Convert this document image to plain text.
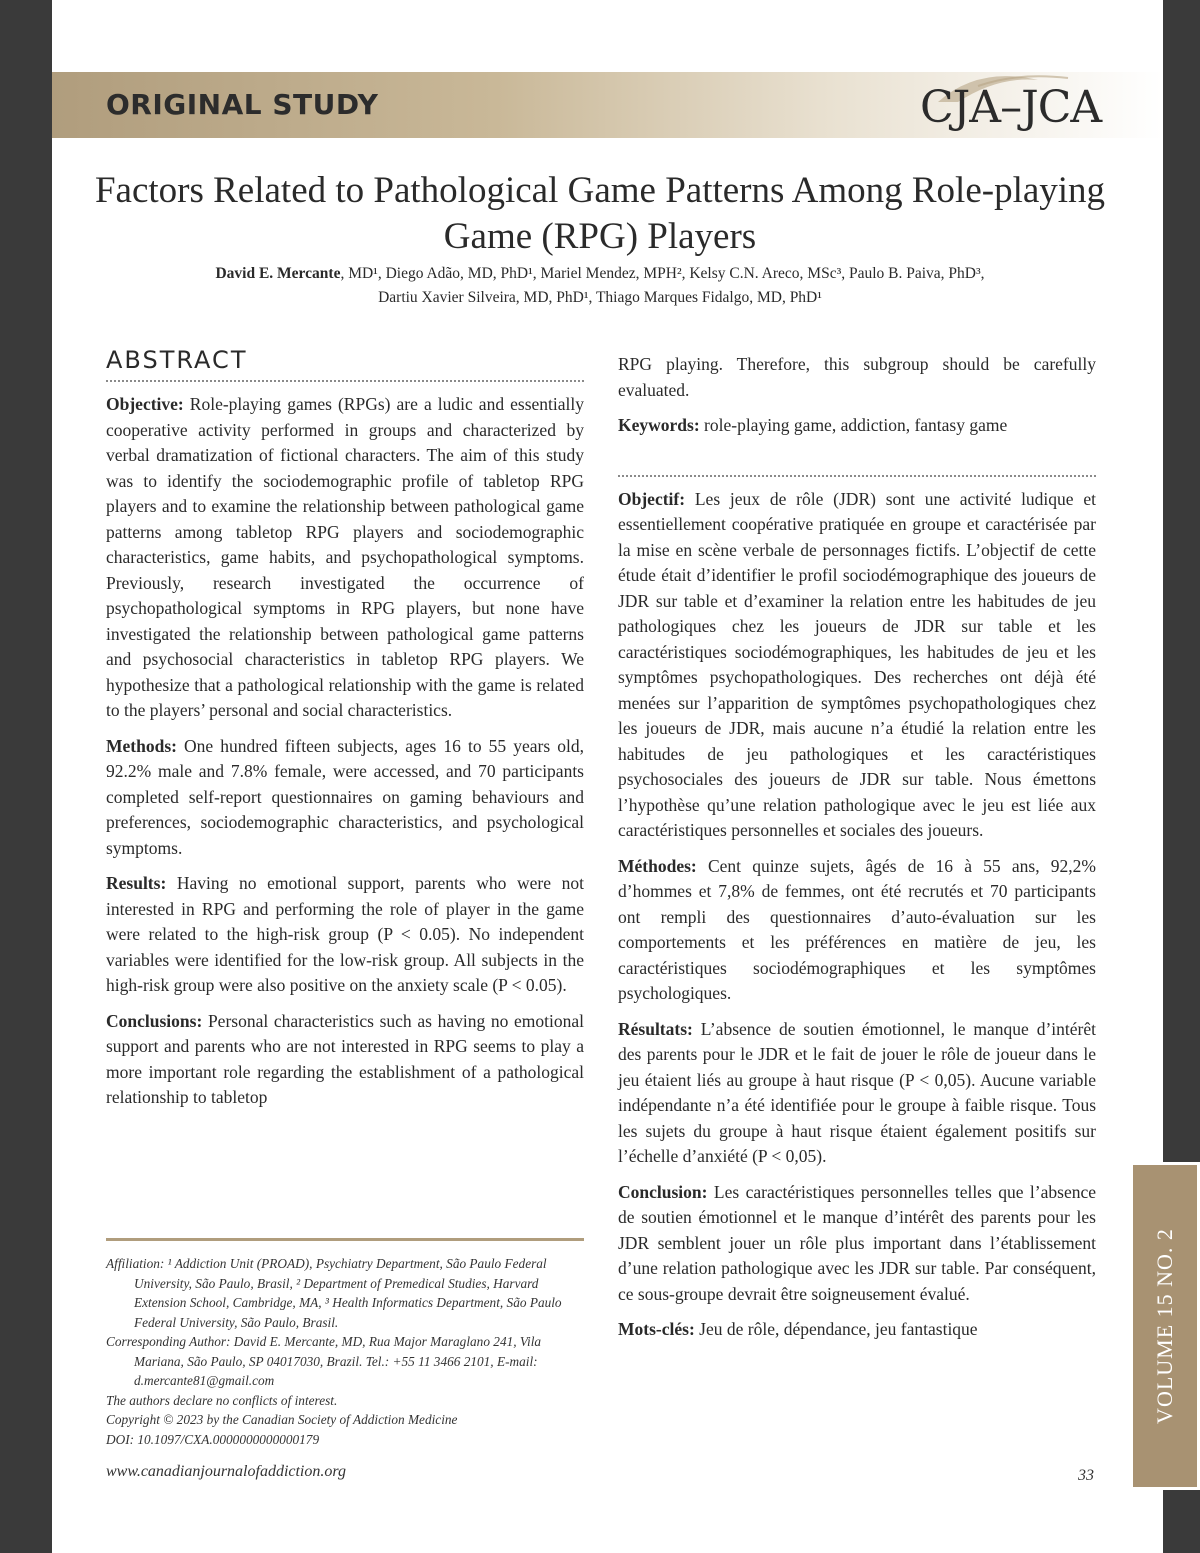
ORIGINAL STUDY	CJA–JCA
Factors Related to Pathological Game Patterns Among Role-playing Game (RPG) Players
David E. Mercante, MD¹, Diego Adão, MD, PhD¹, Mariel Mendez, MPH², Kelsy C.N. Areco, MSc³, Paulo B. Paiva, PhD³,
Dartiu Xavier Silveira, MD, PhD¹, Thiago Marques Fidalgo, MD, PhD¹
ABSTRACT

Objective: Role-playing games (RPGs) are a ludic and essentially cooperative activity performed in groups and characterized by verbal dramatization of fictional characters. The aim of this study was to identify the sociodemographic profile of tabletop RPG players and to examine the relationship between pathological game patterns among tabletop RPG players and sociodemographic characteristics, game habits, and psychopathological symptoms. Previously, research investigated the occurrence of psychopathological symptoms in RPG players, but none have investigated the relationship between pathological game patterns and psychosocial characteristics in tabletop RPG players. We hypothesize that a pathological relationship with the game is related to the players’ personal and social characteristics.

Methods: One hundred fifteen subjects, ages 16 to 55 years old, 92.2% male and 7.8% female, were accessed, and 70 participants completed self-report questionnaires on gaming behaviours and preferences, sociodemographic characteristics, and psychological symptoms.

Results: Having no emotional support, parents who were not interested in RPG and performing the role of player in the game were related to the high-risk group (P < 0.05). No independent variables were identified for the low-risk group. All subjects in the high-risk group were also positive on the anxiety scale (P < 0.05).

Conclusions: Personal characteristics such as having no emotional support and parents who are not interested in RPG seems to play a more important role regarding the establishment of a pathological relationship to tabletop

Affiliation: ¹ Addiction Unit (PROAD), Psychiatry Department, São Paulo Federal University, São Paulo, Brasil, ² Department of Premedical Studies, Harvard Extension School, Cambridge, MA, ³ Health Informatics Department, São Paulo Federal University, São Paulo, Brasil.

Corresponding Author: David E. Mercante, MD, Rua Major Maraglano 241, Vila Mariana, São Paulo, SP 04017030, Brazil. Tel.: +55 11 3466 2101, E-mail: d.mercante81@gmail.com

The authors declare no conflicts of interest.

Copyright © 2023 by the Canadian Society of Addiction Medicine

DOI: 10.1097/CXA.0000000000000179

RPG playing. Therefore, this subgroup should be carefully evaluated.

Keywords: role-playing game, addiction, fantasy game

Objectif: Les jeux de rôle (JDR) sont une activité ludique et essentiellement coopérative pratiquée en groupe et caractérisée par la mise en scène verbale de personnages fictifs. L’objectif de cette étude était d’identifier le profil sociodémographique des joueurs de JDR sur table et d’examiner la relation entre les habitudes de jeu pathologiques chez les joueurs de JDR sur table et les caractéristiques sociodémographiques, les habitudes de jeu et les symptômes psychopathologiques. Des recherches ont déjà été menées sur l’apparition de symptômes psychopathologiques chez les joueurs de JDR, mais aucune n’a étudié la relation entre les habitudes de jeu pathologiques et les caractéristiques psychosociales des joueurs de JDR sur table. Nous émettons l’hypothèse qu’une relation pathologique avec le jeu est liée aux caractéristiques personnelles et sociales des joueurs.

Méthodes: Cent quinze sujets, âgés de 16 à 55 ans, 92,2% d’hommes et 7,8% de femmes, ont été recrutés et 70 participants ont rempli des questionnaires d’auto-évaluation sur les comportements et les préférences en matière de jeu, les caractéristiques sociodémographiques et les symptômes psychologiques.

Résultats: L’absence de soutien émotionnel, le manque d’intérêt des parents pour le JDR et le fait de jouer le rôle de joueur dans le jeu étaient liés au groupe à haut risque (P < 0,05). Aucune variable indépendante n’a été identifiée pour le groupe à faible risque. Tous les sujets du groupe à haut risque étaient également positifs sur l’échelle d’anxiété (P < 0,05).

Conclusion: Les caractéristiques personnelles telles que l’absence de soutien émotionnel et le manque d’intérêt des parents pour les JDR semblent jouer un rôle plus important dans l’établissement d’une relation pathologique avec les JDR sur table. Par conséquent, ce sous-groupe devrait être soigneusement évalué.

Mots-clés: Jeu de rôle, dépendance, jeu fantastique	VOLUME 15 NO. 2
www.canadianjournalofaddiction.org	33
